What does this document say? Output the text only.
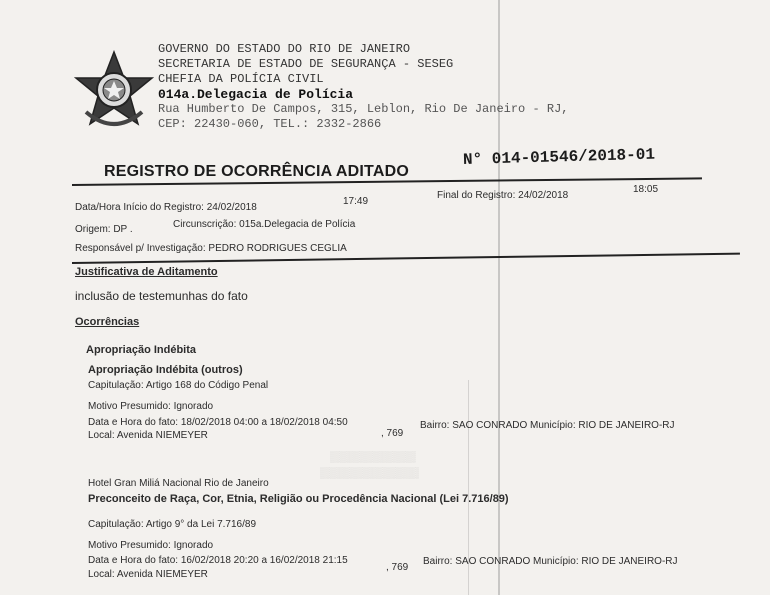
▒▒▒▒▒▒▒▒▒▒▒▒▒
▒▒▒▒▒▒▒▒▒▒▒▒▒▒▒
GOVERNO DO ESTADO DO RIO DE JANEIRO
SECRETARIA DE ESTADO DE SEGURANÇA - SESEG
CHEFIA DA POLÍCIA CIVIL
014a.Delegacia de Polícia
Rua Humberto De Campos, 315, Leblon, Rio De Janeiro - RJ,
CEP: 22430-060, TEL.: 2332-2866
REGISTRO DE OCORRÊNCIA ADITADO
N° 014-01546/2018-01
Data/Hora Início do Registro: 24/02/2018
17:49
Final do Registro: 24/02/2018
18:05
Origem: DP .	Circunscrição: 015a.Delegacia de Polícia
Responsável p/ Investigação: PEDRO RODRIGUES CEGLIA
Justificativa de Aditamento
inclusão de testemunhas do fato
Ocorrências
Apropriação Indébita
Apropriação Indébita (outros)
Capitulação: Artigo 168 do Código Penal
Motivo Presumido: Ignorado
Data e Hora do fato: 18/02/2018 04:00 a 18/02/2018 04:50
Local: Avenida NIEMEYER	, 769
Bairro: SAO CONRADO Município: RIO DE JANEIRO-RJ
Hotel Gran Miliá Nacional Rio de Janeiro
Preconceito de Raça, Cor, Etnia, Religião ou Procedência Nacional (Lei 7.716/89)
Capitulação: Artigo 9° da Lei 7.716/89
Motivo Presumido: Ignorado
Data e Hora do fato: 16/02/2018 20:20 a 16/02/2018 21:15
Local: Avenida NIEMEYER
, 769
Bairro: SAO CONRADO Município: RIO DE JANEIRO-RJ
